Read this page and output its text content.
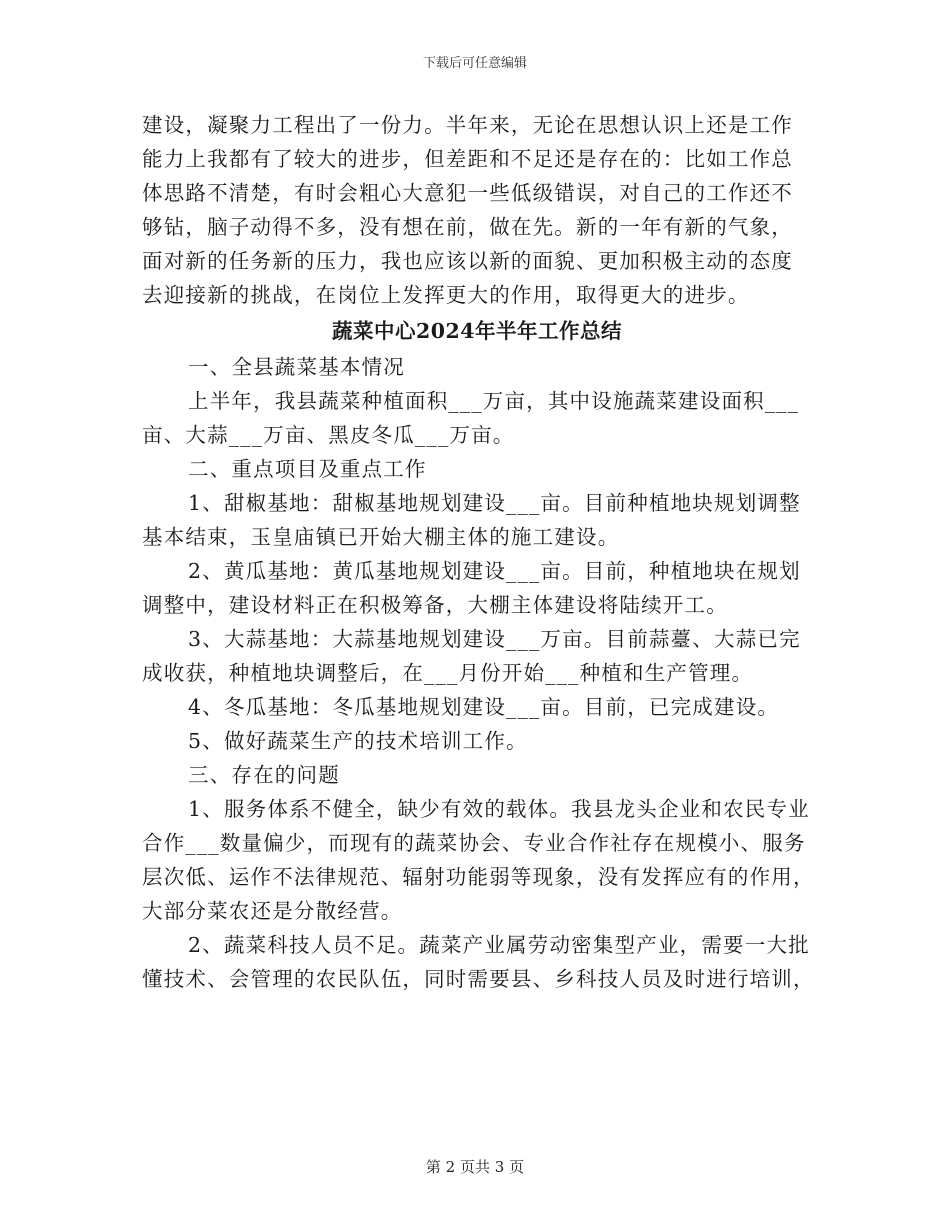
下载后可任意编辑
建设，凝聚力工程出了一份力。半年来，无论在思想认识上还是工作
能力上我都有了较大的进步，但差距和不足还是存在的：比如工作总
体思路不清楚，有时会粗心大意犯一些低级错误，对自己的工作还不
够钻，脑子动得不多，没有想在前，做在先。新的一年有新的气象，
面对新的任务新的压力，我也应该以新的面貌、更加积极主动的态度
去迎接新的挑战，在岗位上发挥更大的作用，取得更大的进步。
蔬菜中心2024年半年工作总结
一、全县蔬菜基本情况
上半年，我县蔬菜种植面积___万亩，其中设施蔬菜建设面积___
亩、大蒜___万亩、黑皮冬瓜___万亩。
二、重点项目及重点工作
1、甜椒基地：甜椒基地规划建设___亩。目前种植地块规划调整
基本结束，玉皇庙镇已开始大棚主体的施工建设。
2、黄瓜基地：黄瓜基地规划建设___亩。目前，种植地块在规划
调整中，建设材料正在积极筹备，大棚主体建设将陆续开工。
3、大蒜基地：大蒜基地规划建设___万亩。目前蒜薹、大蒜已完
成收获，种植地块调整后，在___月份开始___种植和生产管理。
4、冬瓜基地：冬瓜基地规划建设___亩。目前，已完成建设。
5、做好蔬菜生产的技术培训工作。
三、存在的问题
1、服务体系不健全，缺少有效的载体。我县龙头企业和农民专业
合作___数量偏少，而现有的蔬菜协会、专业合作社存在规模小、服务
层次低、运作不法律规范、辐射功能弱等现象，没有发挥应有的作用，
大部分菜农还是分散经营。
2、蔬菜科技人员不足。蔬菜产业属劳动密集型产业，需要一大批
懂技术、会管理的农民队伍，同时需要县、乡科技人员及时进行培训，
第 2 页共 3 页
